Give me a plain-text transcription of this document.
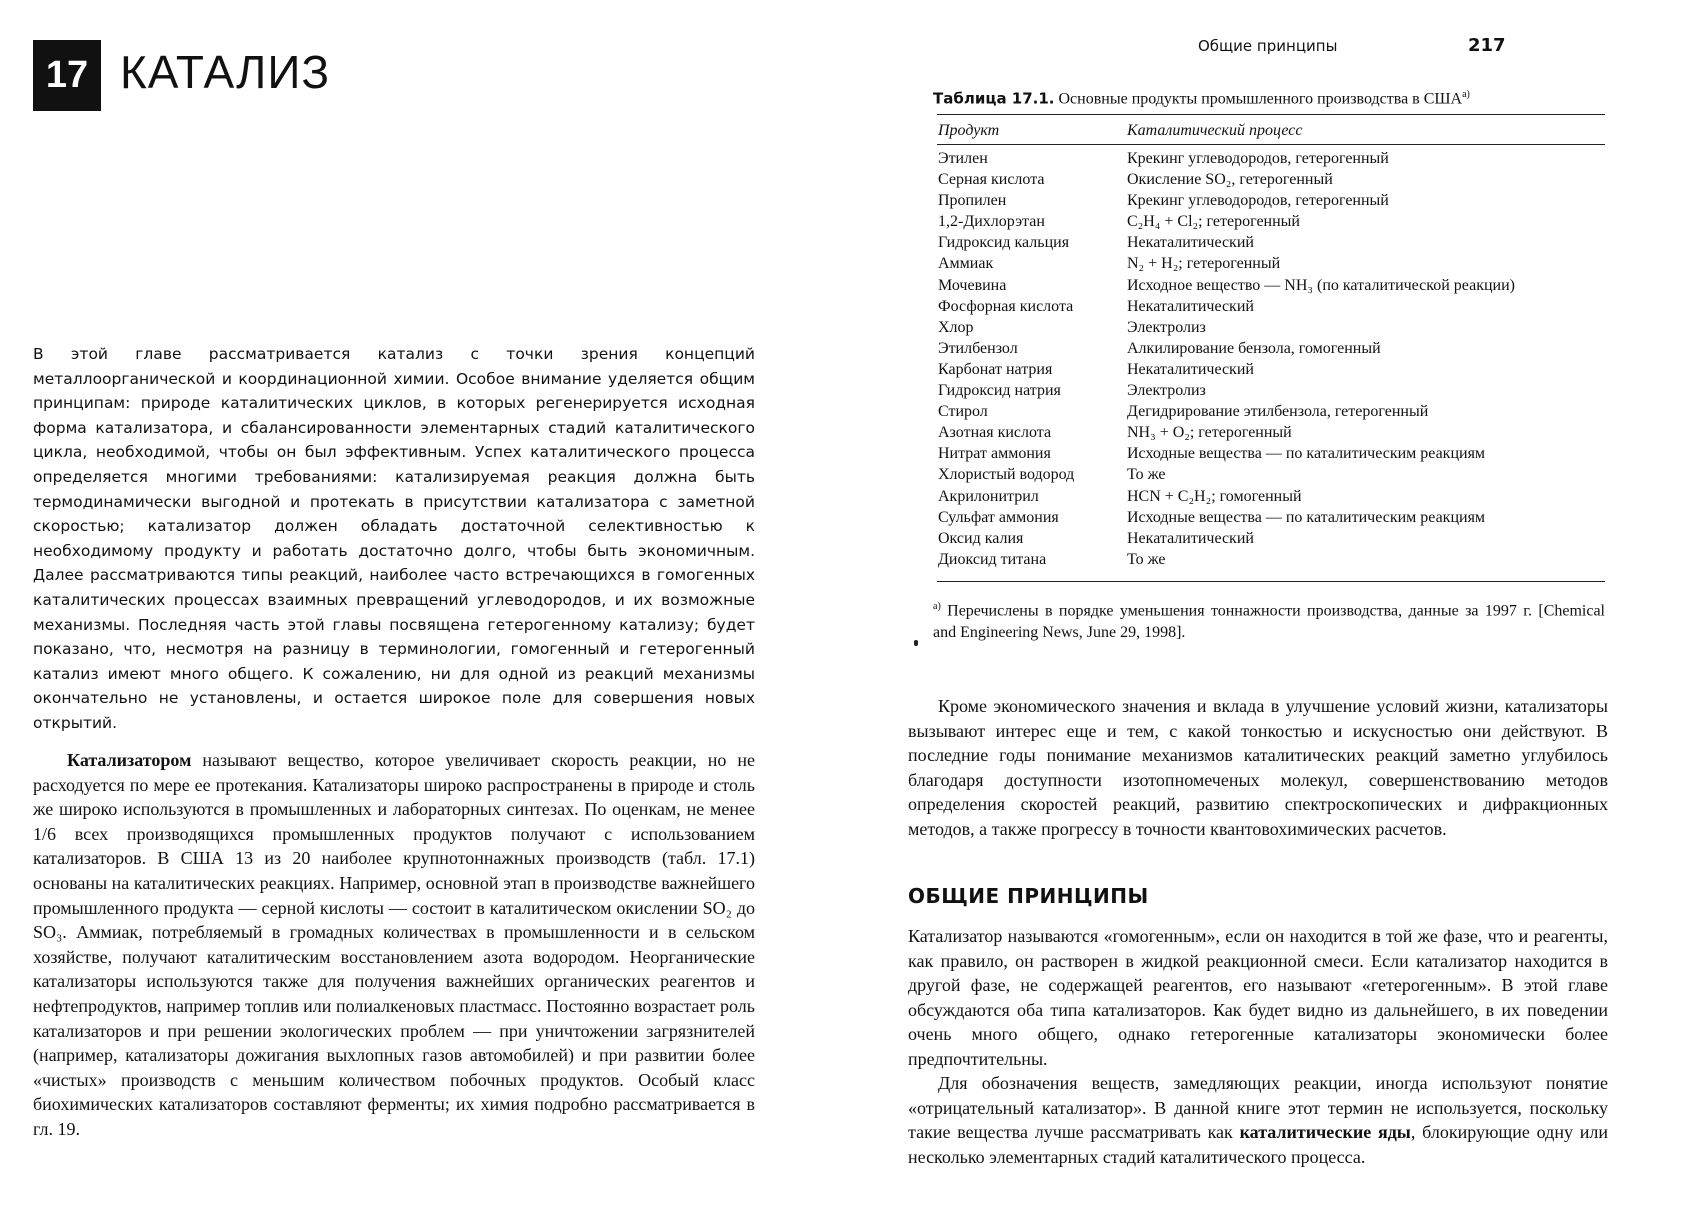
17 КАТАЛИЗ

В этой главе рассматривается катализ с точки зрения концепций металлоорганической и координационной химии. Особое внимание уделяется общим принципам: природе каталитических циклов, в которых регенерируется исходная форма катализатора, и сбалансированности элементарных стадий каталитического цикла, необходимой, чтобы он был эффективным. Успех каталитического процесса определяется многими требованиями: катализируемая реакция должна быть термодинамически выгодной и протекать в присутствии катализатора с заметной скоростью; катализатор должен обладать достаточной селективностью к необходимому продукту и работать достаточно долго, чтобы быть экономичным. Далее рассматриваются типы реакций, наиболее часто встречающихся в гомогенных каталитических процессах взаимных превращений углеводородов, и их возможные механизмы. Последняя часть этой главы посвящена гетерогенному катализу; будет показано, что, несмотря на разницу в терминологии, гомогенный и гетерогенный катализ имеют много общего. К сожалению, ни для одной из реакций механизмы окончательно не установлены, и остается широкое поле для совершения новых открытий.

Катализатором называют вещество, которое увеличивает скорость реакции, но не расходуется по мере ее протекания. Катализаторы широко распространены в природе и столь же широко используются в промышленных и лабораторных синтезах. По оценкам, не менее 1/6 всех производящихся промышленных продуктов получают с использованием катализаторов. В США 13 из 20 наиболее крупнотоннажных производств (табл. 17.1) основаны на каталитических реакциях. Например, основной этап в производстве важнейшего промышленного продукта — серной кислоты — состоит в каталитическом окислении SO₂ до SO₃. Аммиак, потребляемый в громадных количествах в промышленности и в сельском хозяйстве, получают каталитическим восстановлением азота водородом. Неорганические катализаторы используются также для получения важнейших органических реагентов и нефтепродуктов, например топлив или полиалкеновых пластмасс. Постоянно возрастает роль катализаторов и при решении экологических проблем — при уничтожении загрязнителей (например, катализаторы дожигания выхлопных газов автомобилей) и при развитии более «чистых» производств с меньшим количеством побочных продуктов. Особый класс биохимических катализаторов составляют ферменты; их химия подробно рассматривается в гл. 19.

Общие принципы	217
Таблица 17.1. Основные продукты промышленного производства в $США^{а)}$
Продукт	Каталитический процесс
Этилен	Крекинг углеводородов, гетерогенный
Серная кислота	Окисление SO₂, гетерогенный
Пропилен	Крекинг углеводородов, гетерогенный
1,2-Дихлорэтан	C₂H₄ + Cl₂; гетерогенный
Гидроксид кальция	Некаталитический
Аммиак	N₂ + H₂; гетерогенный
Мочевина	Исходное вещество — NH₃ (по каталитической реакции)
Фосфорная кислота	Некаталитический
Хлор	Электролиз
Этилбензол	Алкилирование бензола, гомогенный
Карбонат натрия	Некаталитический
Гидроксид натрия	Электролиз
Стирол	Дегидрирование этилбензола, гетерогенный
Азотная кислота	NH₃ + O₂; гетерогенный
Нитрат аммония	Исходные вещества — по каталитическим реакциям
Хлористый водород	То же
Акрилонитрил	HCN + C₂H₂; гомогенный
Сульфат аммония	Исходные вещества — по каталитическим реакциям
Оксид калия	Некаталитический
Диоксид титана	То же

$^{а)}$ Перечислены в порядке уменьшения тоннажности производства, данные за 1997 г. [Chemical and Engineering News, June 29, 1998].

Кроме экономического значения и вклада в улучшение условий жизни, катализаторы вызывают интерес еще и тем, с какой тонкостью и искусностью они действуют. В последние годы понимание механизмов каталитических реакций заметно углубилось благодаря доступности изотопномеченых молекул, совершенствованию методов определения скоростей реакций, развитию спектроскопических и дифракционных методов, а также прогрессу в точности квантовохимических расчетов.

ОБЩИЕ ПРИНЦИПЫ

Катализатор называются «гомогенным», если он находится в той же фазе, что и реагенты, как правило, он растворен в жидкой реакционной смеси. Если катализатор находится в другой фазе, не содержащей реагентов, его называют «гетерогенным». В этой главе обсуждаются оба типа катализаторов. Как будет видно из дальнейшего, в их поведении очень много общего, однако гетерогенные катализаторы экономически более предпочтительны.

Для обозначения веществ, замедляющих реакции, иногда используют понятие «отрицательный катализатор». В данной книге этот термин не используется, поскольку такие вещества лучше рассматривать как каталитические яды, блокирующие одну или несколько элементарных стадий каталитического процесса.
